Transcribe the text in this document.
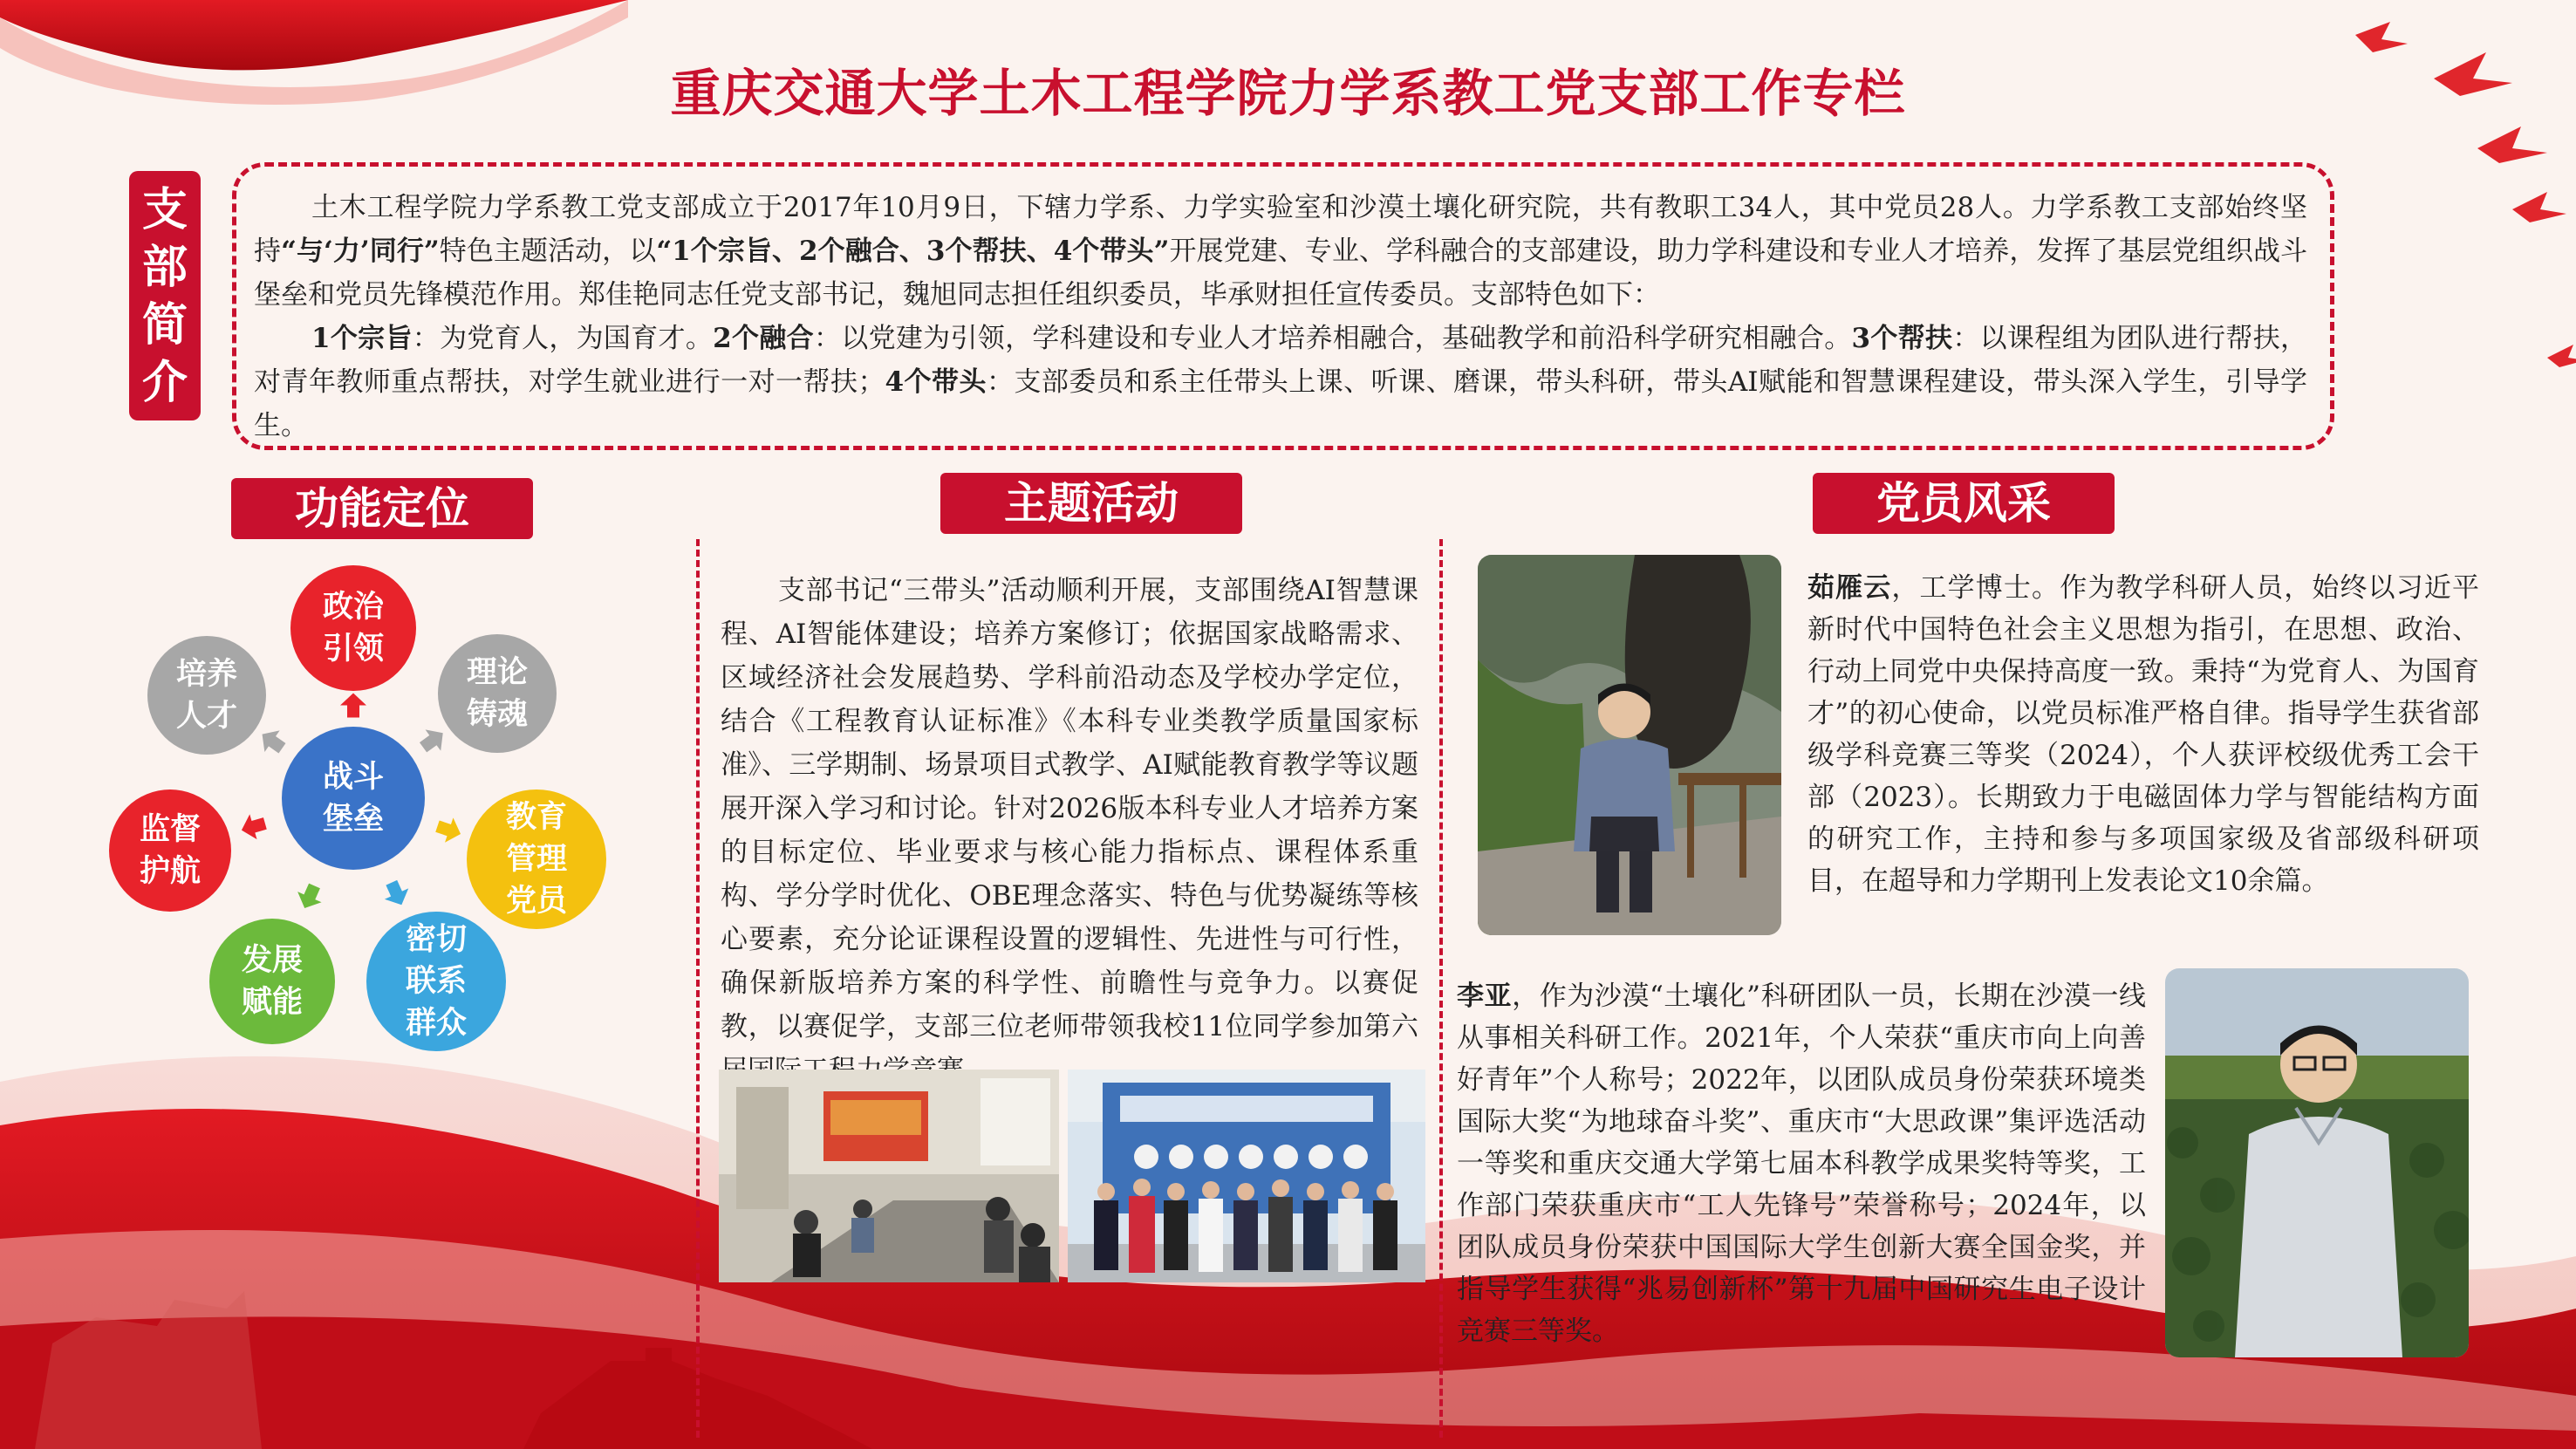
重庆交通大学土木工程学院力学系教工党支部工作专栏
支
部
简
介

土木工程学院力学系教工党支部成立于2017年10月9日，下辖力学系、力学实验室和沙漠土壤化研究院，共有教职工34人，其中党员28人。力学系教工支部始终坚持“与‘力’同行”特色主题活动，以“1个宗旨、2个融合、3个帮扶、4个带头”开展党建、专业、学科融合的支部建设，助力学科建设和专业人才培养，发挥了基层党组织战斗堡垒和党员先锋模范作用。郑佳艳同志任党支部书记，魏旭同志担任组织委员，毕承财担任宣传委员。支部特色如下：

1个宗旨：为党育人，为国育才。2个融合：以党建为引领，学科建设和专业人才培养相融合，基础教学和前沿科学研究相融合。3个帮扶：以课程组为团队进行帮扶，对青年教师重点帮扶，对学生就业进行一对一帮扶；4个带头：支部委员和系主任带头上课、听课、磨课，带头科研，带头AI赋能和智慧课程建设，带头深入学生，引导学生。

功能定位	主题活动	党员风采
战斗
堡垒
政治
引领
理论
铸魂
教育
管理
党员
密切
联系
群众
发展
赋能
监督
护航
培养
人才
支部书记“三带头”活动顺利开展，支部围绕AI智慧课程、AI智能体建设；培养方案修订；依据国家战略需求、区域经济社会发展趋势、学科前沿动态及学校办学定位，结合《工程教育认证标准》《本科专业类教学质量国家标准》、三学期制、场景项目式教学、AI赋能教育教学等议题展开深入学习和讨论。针对2026版本科专业人才培养方案的目标定位、毕业要求与核心能力指标点、课程体系重构、学分学时优化、OBE理念落实、特色与优势凝练等核心要素，充分论证课程设置的逻辑性、先进性与可行性，确保新版培养方案的科学性、前瞻性与竞争力。以赛促教，以赛促学，支部三位老师带领我校11位同学参加第六
茹雁云，工学博士。作为教学科研人员，始终以习近平新时代中国特色社会主义思想为指引，在思想、政治、行动上同党中央保持高度一致。秉持“为党育人、为国育才”的初心使命，以党员标准严格自律。指导学生获省部级学科竞赛三等奖（2024），个人获评校级优秀工会干部（2023）。长期致力于电磁固体力学与智能结构方面的研究工作，主持和参与多项国家级及省部级科研项目，在超导和力学期刊上发表论文10余篇。
李亚，作为沙漠“土壤化”科研团队一员，长期在沙漠一线从事相关科研工作。2021年，个人荣获“重庆市向上向善好青年”个人称号；2022年，以团队成员身份荣获环境类国际大奖“为地球奋斗奖”、重庆市“大思政课”集评选活动一等奖和重庆交通大学第七届本科教学成果奖特等奖，工作部门荣获重庆市“工人先锋号”荣誉称号；2024年，以团队成员身份荣获中国国际大学生创新大赛全国金奖，并指导学生获得“兆易创新杯”第十九届中国研究生电子设计竞赛三等奖。
